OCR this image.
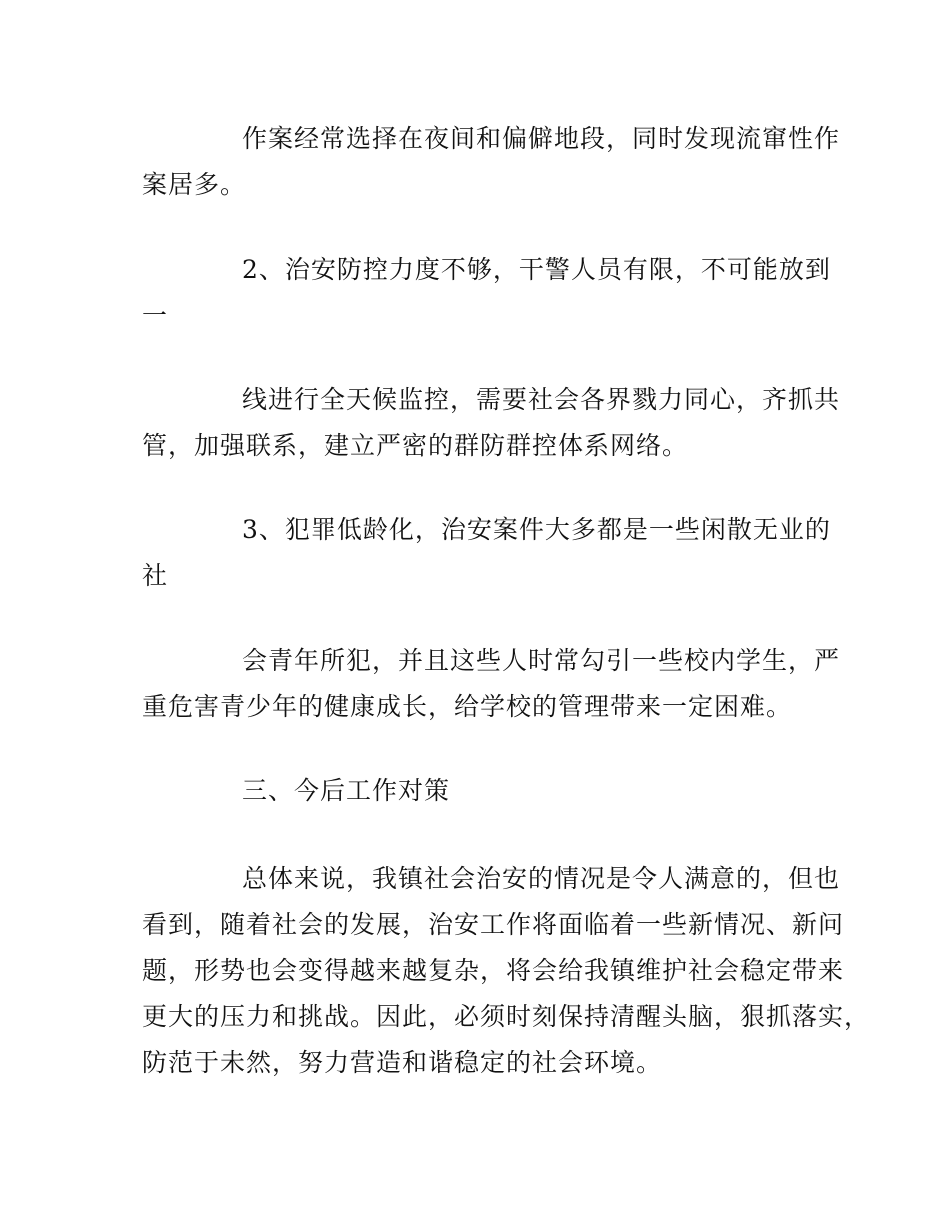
作案经常选择在夜间和偏僻地段，同时发现流窜性作
案居多。

2、治安防控力度不够，干警人员有限，不可能放到
一

线进行全天候监控，需要社会各界戮力同心，齐抓共
管，加强联系，建立严密的群防群控体系网络。

3、犯罪低龄化，治安案件大多都是一些闲散无业的
社

会青年所犯，并且这些人时常勾引一些校内学生，严
重危害青少年的健康成长，给学校的管理带来一定困难。

三、今后工作对策

总体来说，我镇社会治安的情况是令人满意的，但也
看到，随着社会的发展，治安工作将面临着一些新情况、新问
题，形势也会变得越来越复杂，将会给我镇维护社会稳定带来
更大的压力和挑战。因此，必须时刻保持清醒头脑，狠抓落实，
防范于未然，努力营造和谐稳定的社会环境。
